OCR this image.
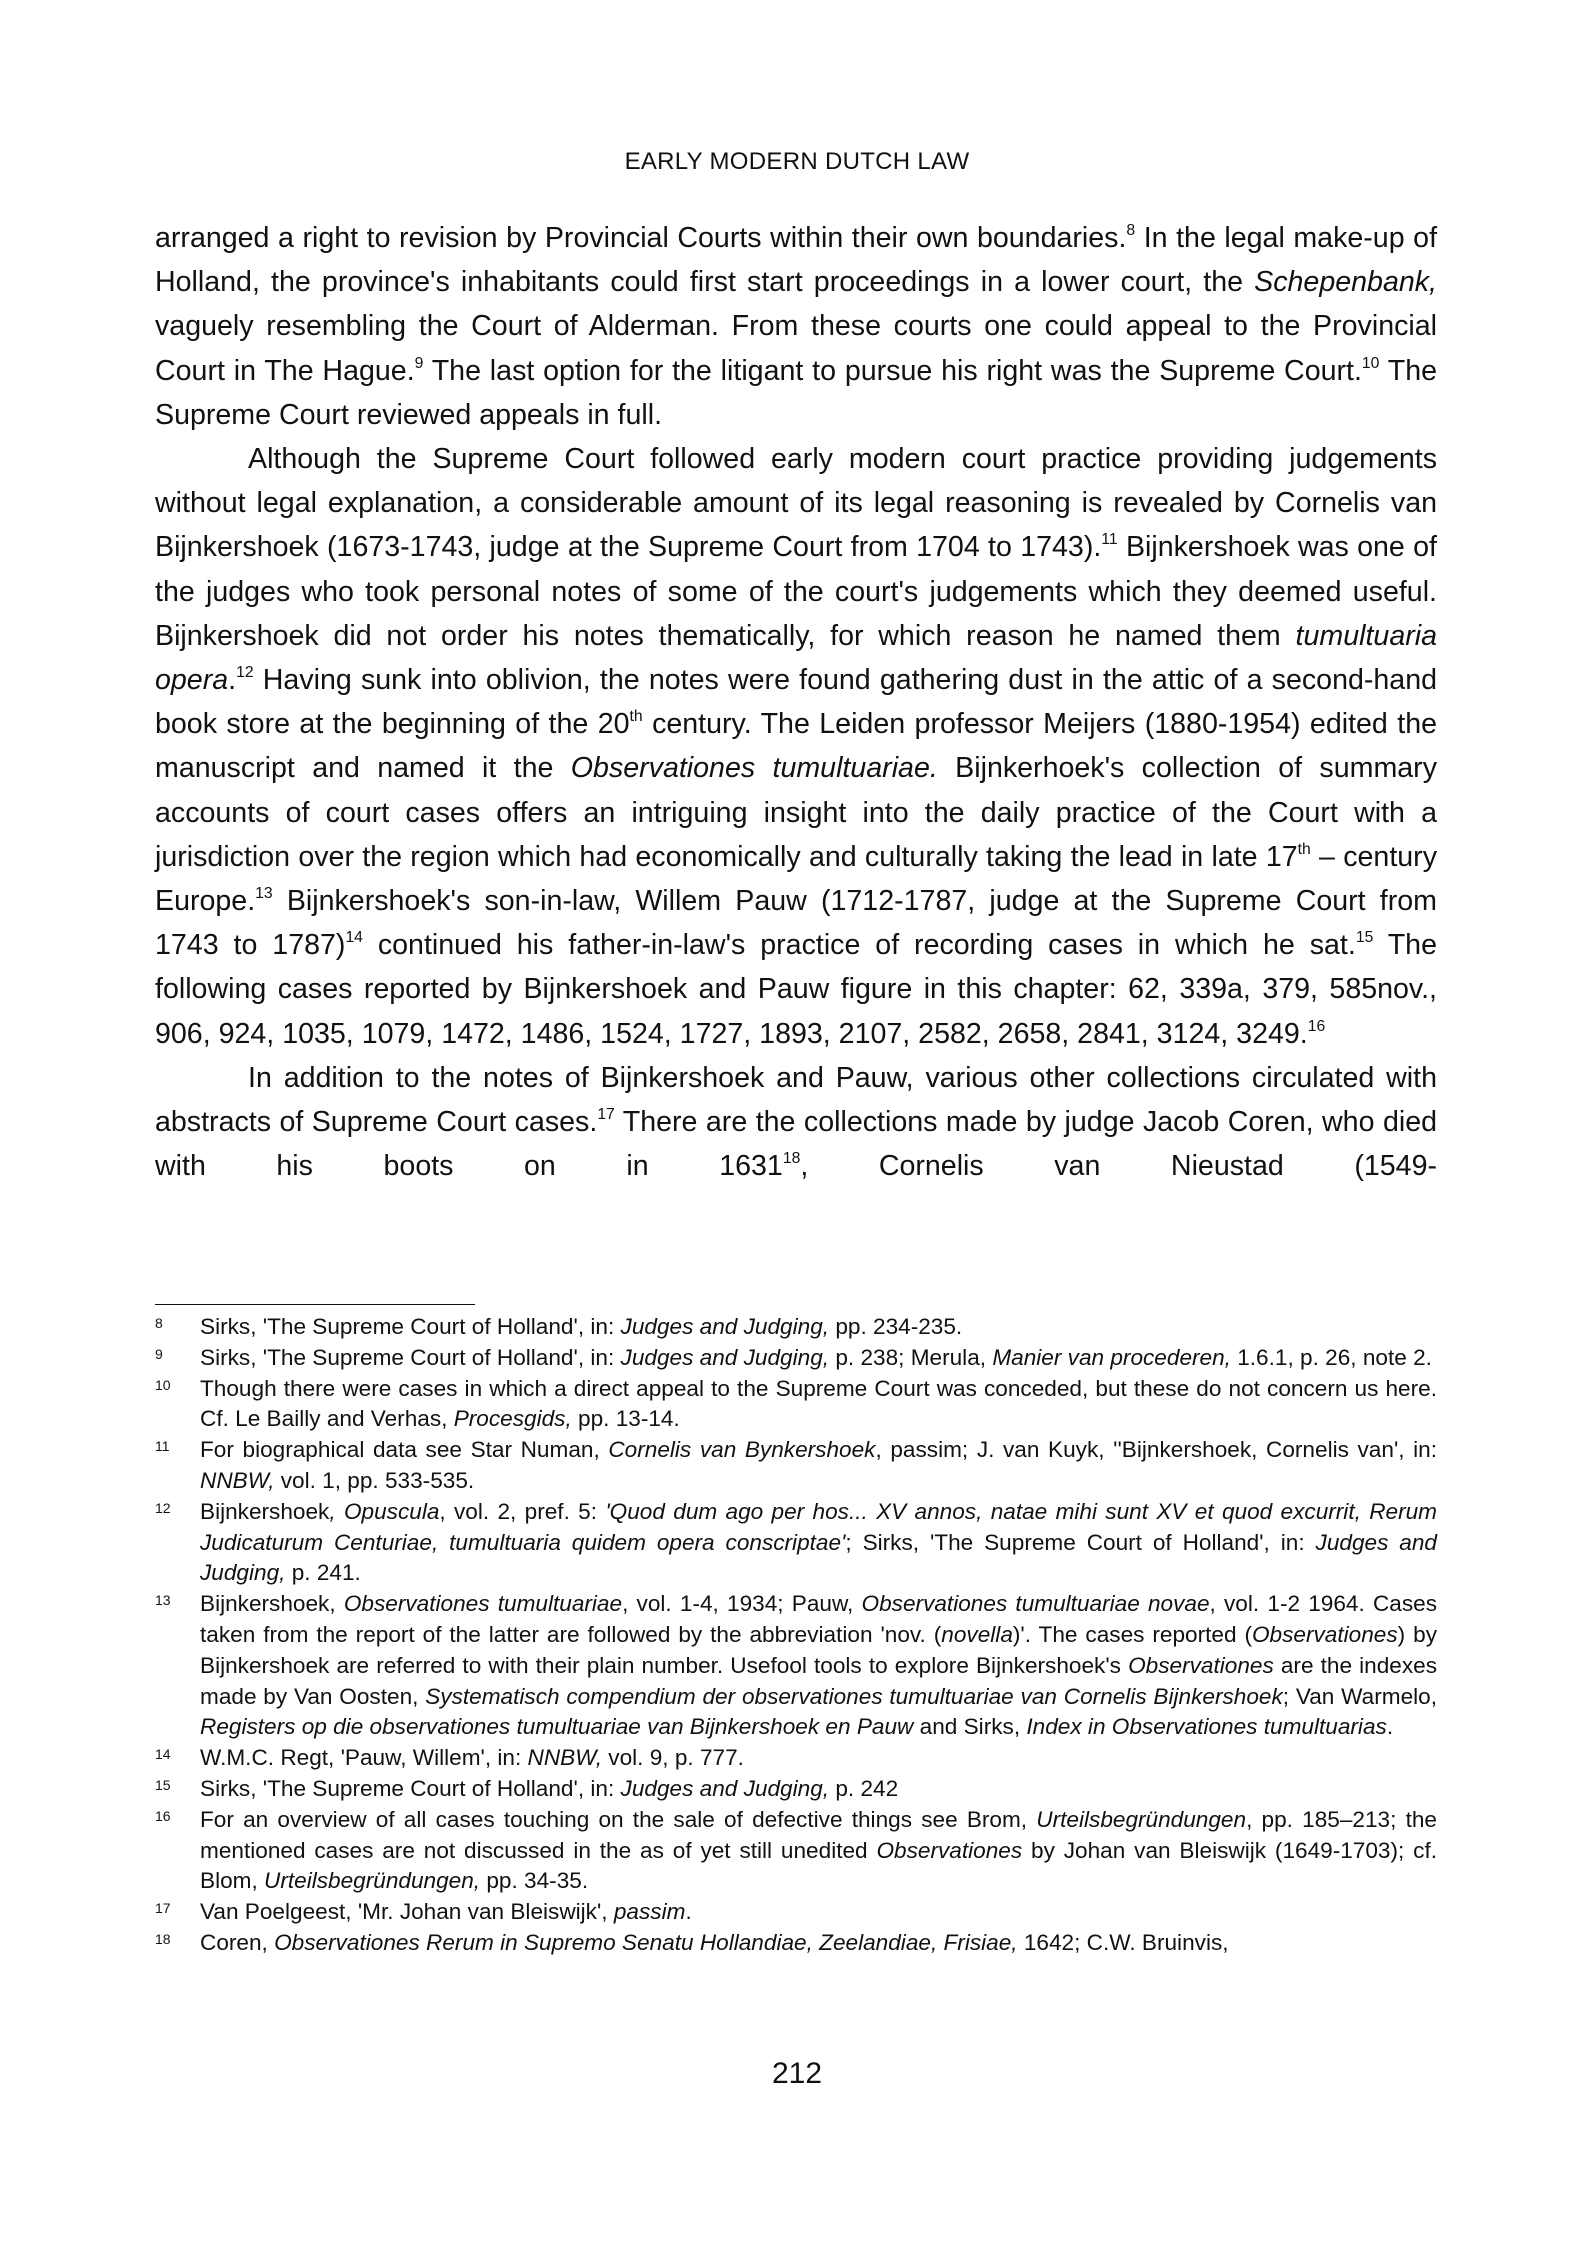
EARLY MODERN DUTCH LAW

arranged a right to revision by Provincial Courts within their own boundaries.$^8$ In the legal make-up of Holland, the province's inhabitants could first start proceedings in a lower court, the Schepenbank, vaguely resembling the Court of Alderman. From these courts one could appeal to the Provincial Court in The Hague.$^9$ The last option for the litigant to pursue his right was the Supreme Court.$^{10}$ The Supreme Court reviewed appeals in full.

Although the Supreme Court followed early modern court practice providing judgements without legal explanation, a considerable amount of its legal reasoning is revealed by Cornelis van Bijnkershoek (1673-1743, judge at the Supreme Court from 1704 to 1743).$^{11}$ Bijnkershoek was one of the judges who took personal notes of some of the court's judgements which they deemed useful. Bijnkershoek did not order his notes thematically, for which reason he named them tumultuaria opera.$^{12}$ Having sunk into oblivion, the notes were found gathering dust in the attic of a second-hand book store at the beginning of the 20th century. The Leiden professor Meijers (1880-1954) edited the manuscript and named it the Observationes tumultuariae. Bijnkerhoek's collection of summary accounts of court cases offers an intriguing insight into the daily practice of the Court with a jurisdiction over the region which had economically and culturally taking the lead in late 17th – century Europe.$^{13}$ Bijnkershoek's son-in-law, Willem Pauw (1712-1787, judge at the Supreme Court from 1743 to 1787)$^{14}$ continued his father-in-law's practice of recording cases in which he sat.$^{15}$ The following cases reported by Bijnkershoek and Pauw figure in this chapter: 62, 339a, 379, 585nov., 906, 924, 1035, 1079, 1472, 1486, 1524, 1727, 1893, 2107, 2582, 2658, 2841, 3124, 3249.16

In addition to the notes of Bijnkershoek and Pauw, various other collections circulated with abstracts of Supreme Court cases.$^{17}$ There are the collections made by judge Jacob Coren, who died with his boots on in 1631$^{18}$, Cornelis van Nieustad (1549-

8	Sirks, 'The Supreme Court of Holland', in: Judges and Judging, pp. 234-235.
9	Sirks, 'The Supreme Court of Holland', in: Judges and Judging, p. 238; Merula, Manier van procederen, 1.6.1, p. 26, note 2.
10	Though there were cases in which a direct appeal to the Supreme Court was conceded, but these do not concern us here. Cf. Le Bailly and Verhas, Procesgids, pp. 13-14.
11	For biographical data see Star Numan, Cornelis van Bynkershoek, passim; J. van Kuyk, ''Bijnkershoek, Cornelis van', in: NNBW, vol. 1, pp. 533-535.
12	Bijnkershoek, Opuscula, vol. 2, pref. 5: 'Quod dum ago per hos... XV annos, natae mihi sunt XV et quod excurrit, Rerum Judicaturum Centuriae, tumultuaria quidem opera conscriptae'; Sirks, 'The Supreme Court of Holland', in: Judges and Judging, p. 241.
13	Bijnkershoek, Observationes tumultuariae, vol. 1-4, 1934; Pauw, Observationes tumultuariae novae, vol. 1-2 1964. Cases taken from the report of the latter are followed by the abbreviation 'nov. (novella)'. The cases reported (Observationes) by Bijnkershoek are referred to with their plain number. Usefool tools to explore Bijnkershoek's Observationes are the indexes made by Van Oosten, Systematisch compendium der observationes tumultuariae van Cornelis Bijnkershoek; Van Warmelo, Registers op die observationes tumultuariae van Bijnkershoek en Pauw and Sirks, Index in Observationes tumultuarias.
14	W.M.C. Regt, 'Pauw, Willem', in: NNBW, vol. 9, p. 777.
15	Sirks, 'The Supreme Court of Holland', in: Judges and Judging, p. 242
16	For an overview of all cases touching on the sale of defective things see Brom, Urteilsbegründungen, pp. 185–213; the mentioned cases are not discussed in the as of yet still unedited Observationes by Johan van Bleiswijk (1649-1703); cf. Blom, Urteilsbegründungen, pp. 34-35.
17	Van Poelgeest, 'Mr. Johan van Bleiswijk', passim.
18	Coren, Observationes Rerum in Supremo Senatu Hollandiae, Zeelandiae, Frisiae, 1642; C.W. Bruinvis,
212
